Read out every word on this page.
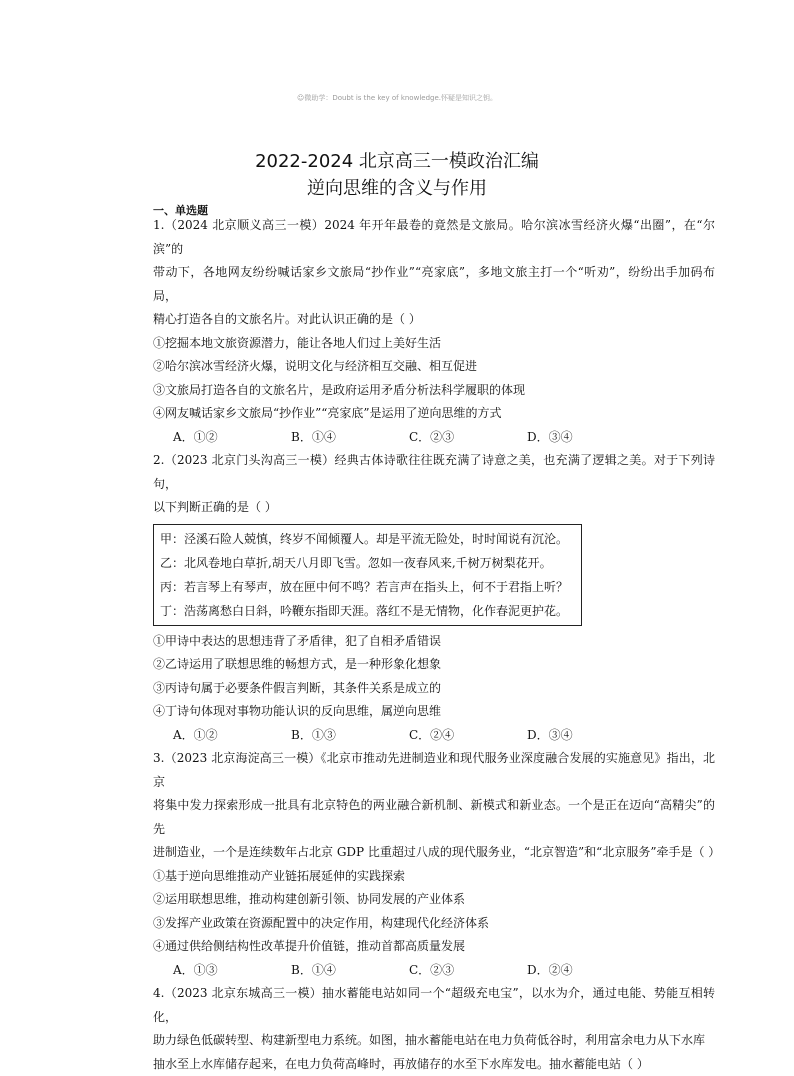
☺微助学：Doubt is the key of knowledge.怀疑是知识之钥。
2022-2024 北京高三一模政治汇编
逆向思维的含义与作用
一、单选题

1.（2024 北京顺义高三一模）2024 年开年最卷的竟然是文旅局。哈尔滨冰雪经济火爆“出圈”，在“尔滨”的

带动下，各地网友纷纷喊话家乡文旅局“抄作业”“亮家底”，多地文旅主打一个“听劝”，纷纷出手加码布局，

精心打造各自的文旅名片。对此认识正确的是（ ）

①挖掘本地文旅资源潜力，能让各地人们过上美好生活

②哈尔滨冰雪经济火爆，说明文化与经济相互交融、相互促进

③文旅局打造各自的文旅名片，是政府运用矛盾分析法科学履职的体现

④网友喊话家乡文旅局“抄作业”“亮家底”是运用了逆向思维的方式

A．①②	B．①④	C．②③	D．③④

2.（2023 北京门头沟高三一模）经典古体诗歌往往既充满了诗意之美，也充满了逻辑之美。对于下列诗句，

以下判断正确的是（ ）

甲：泾溪石险人兢慎，终岁不闻倾覆人。却是平流无险处，时时闻说有沉沦。

乙：北风卷地白草折,胡天八月即飞雪。忽如一夜春风来,千树万树梨花开。

丙：若言琴上有琴声，放在匣中何不鸣？若言声在指头上，何不于君指上听？

丁：浩荡离愁白日斜，吟鞭东指即天涯。落红不是无情物，化作春泥更护花。

①甲诗中表达的思想违背了矛盾律，犯了自相矛盾错误

②乙诗运用了联想思维的畅想方式，是一种形象化想象

③丙诗句属于必要条件假言判断，其条件关系是成立的

④丁诗句体现对事物功能认识的反向思维，属逆向思维

A．①②	B．①③	C．②④	D．③④

3.（2023 北京海淀高三一模）《北京市推动先进制造业和现代服务业深度融合发展的实施意见》指出，北京

将集中发力探索形成一批具有北京特色的两业融合新机制、新模式和新业态。一个是正在迈向“高精尖”的先

进制造业，一个是连续数年占北京 GDP 比重超过八成的现代服务业，“北京智造”和“北京服务”牵手是（ ）

①基于逆向思维推动产业链拓展延伸的实践探索

②运用联想思维，推动构建创新引领、协同发展的产业体系

③发挥产业政策在资源配置中的决定作用，构建现代化经济体系

④通过供给侧结构性改革提升价值链，推动首都高质量发展

A．①③	B．①④	C．②③	D．②④

4.（2023 北京东城高三一模）抽水蓄能电站如同一个“超级充电宝”，以水为介，通过电能、势能互相转化，

助力绿色低碳转型、构建新型电力系统。如图，抽水蓄能电站在电力负荷低谷时，利用富余电力从下水库

抽水至上水库储存起来，在电力负荷高峰时，再放储存的水至下水库发电。抽水蓄能电站（ ）
